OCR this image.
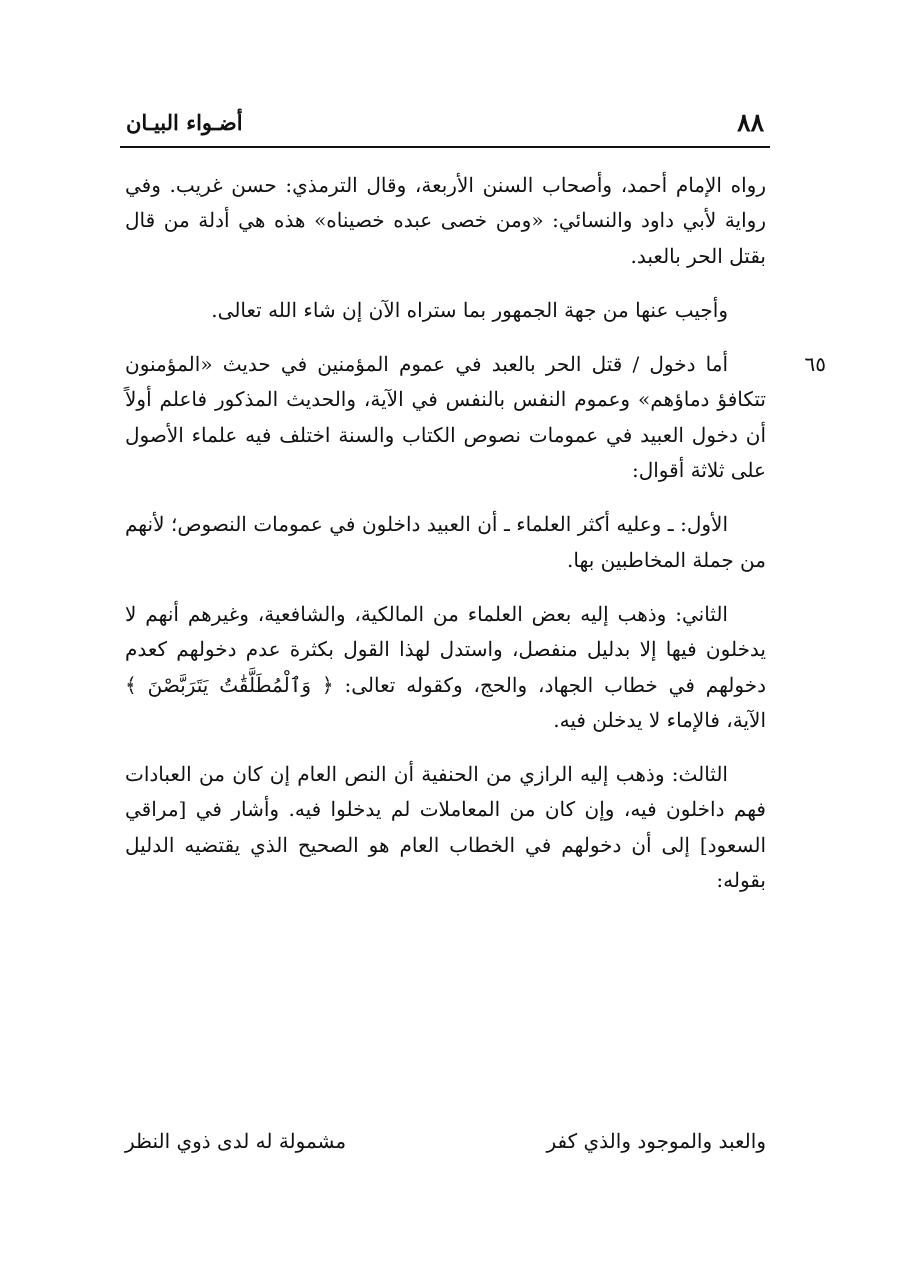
٨٨
أضـواء البيـان

رواه الإمام أحمد، وأصحاب السنن الأربعة، وقال الترمذي: حسن غريب. وفي رواية لأبي داود والنسائي: «ومن خصى عبده خصيناه» هذه هي أدلة من قال بقتل الحر بالعبد.

وأجيب عنها من جهة الجمهور بما ستراه الآن إن شاء الله تعالى.

٦٥

أما دخول / قتل الحر بالعبد في عموم المؤمنين في حديث «المؤمنون تتكافؤ دماؤهم» وعموم النفس بالنفس في الآية، والحديث المذكور فاعلم أولاً أن دخول العبيد في عمومات نصوص الكتاب والسنة اختلف فيه علماء الأصول على ثلاثة أقوال:

الأول: ـ وعليه أكثر العلماء ـ أن العبيد داخلون في عمومات النصوص؛ لأنهم من جملة المخاطبين بها.

الثاني: وذهب إليه بعض العلماء من المالكية، والشافعية، وغيرهم أنهم لا يدخلون فيها إلا بدليل منفصل، واستدل لهذا القول بكثرة عدم دخولهم كعدم دخولهم في خطاب الجهاد، والحج، وكقوله تعالى: ﴿ وَٱلْمُطَلَّقَٰتُ يَتَرَبَّصْنَ ﴾ الآية، فالإماء لا يدخلن فيه.

الثالث: وذهب إليه الرازي من الحنفية أن النص العام إن كان من العبادات فهم داخلون فيه، وإن كان من المعاملات لم يدخلوا فيه. وأشار في [مراقي السعود] إلى أن دخولهم في الخطاب العام هو الصحيح الذي يقتضيه الدليل بقوله:

والعبد والموجود والذي كفر
مشمولة له لدى ذوي النظر
